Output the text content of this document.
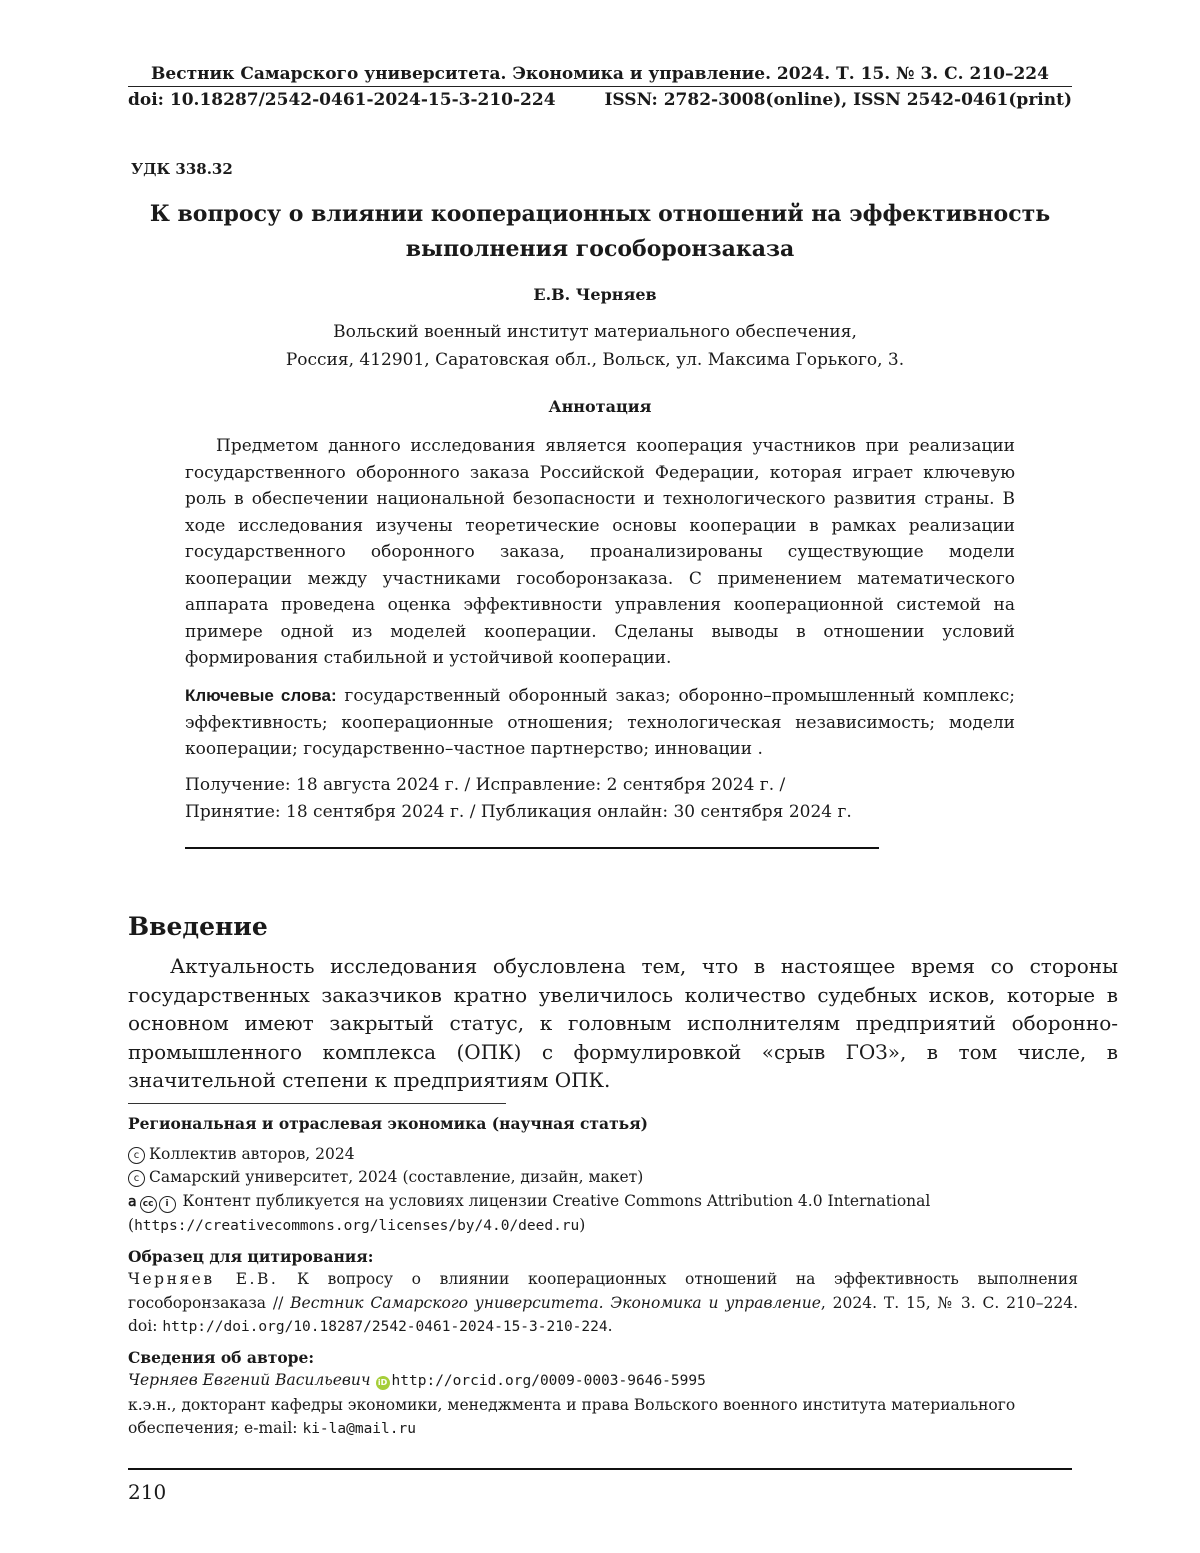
Вестник Самарского университета. Экономика и управление. 2024. Т. 15. № 3. С. 210–224
doi: 10.18287/2542-0461-2024-15-3-210-224	ISSN: 2782-3008(online), ISSN 2542-0461(print)
УДК 338.32
К вопросу о влиянии кооперационных отношений на эффективность
выполнения гособоронзаказа
Е.В. Черняев
Вольский военный институт материального обеспечения,
Россия, 412901, Саратовская обл., Вольск, ул. Максима Горького, 3.
Аннотация
Предметом данного исследования является кооперация участников при реализации государственного оборонного заказа Российской Федерации, которая играет ключевую роль в обеспечении национальной безопасности и технологического развития страны. В ходе исследования изучены теоретические основы кооперации в рамках реализации государственного оборонного заказа, проанализированы существующие модели кооперации между участниками гособоронзаказа. С применением математического аппарата проведена оценка эффективности управления кооперационной системой на примере одной из моделей кооперации. Сделаны выводы в отношении условий формирования стабильной и устойчивой кооперации.
Ключевые слова: государственный оборонный заказ; оборонно–промышленный комплекс; эффективность; кооперационные отношения; технологическая независимость; модели кооперации; государственно–частное партнерство; инновации .
Получение: 18 августа 2024 г. / Исправление: 2 сентября 2024 г. /
Принятие: 18 сентября 2024 г. / Публикация онлайн: 30 сентября 2024 г.
Введение
Актуальность исследования обусловлена тем, что в настоящее время со стороны государственных заказчиков кратно увеличилось количество судебных исков, которые в основном имеют закрытый статус, к головным исполнителям предприятий оборонно-промышленного комплекса (ОПК) с формулировкой «срыв ГОЗ», в том числе, в значительной степени к предприятиям ОПК.
Региональная и отраслевая экономика (научная статья)
c Коллектив авторов, 2024
c Самарский университет, 2024 (составление, дизайн, макет)
𝖺 cc i Контент публикуется на условиях лицензии Creative Commons Attribution 4.0 International
(https://creativecommons.org/licenses/by/4.0/deed.ru)
Образец для цитирования:
Черняев Е.В. К вопросу о влиянии кооперационных отношений на эффективность выполнения гособоронзаказа // Вестник Самарского университета. Экономика и управление, 2024. Т. 15, № 3. С. 210–224. doi: http://doi.org/10.18287/2542-0461-2024-15-3-210-224.
Сведения об авторе:
Черняев Евгений Васильевич iD http://orcid.org/0009-0003-9646-5995
к.э.н., докторант кафедры экономики, менеджмента и права Вольского военного института материального обеспечения; e-mail: ki-la@mail.ru
210
